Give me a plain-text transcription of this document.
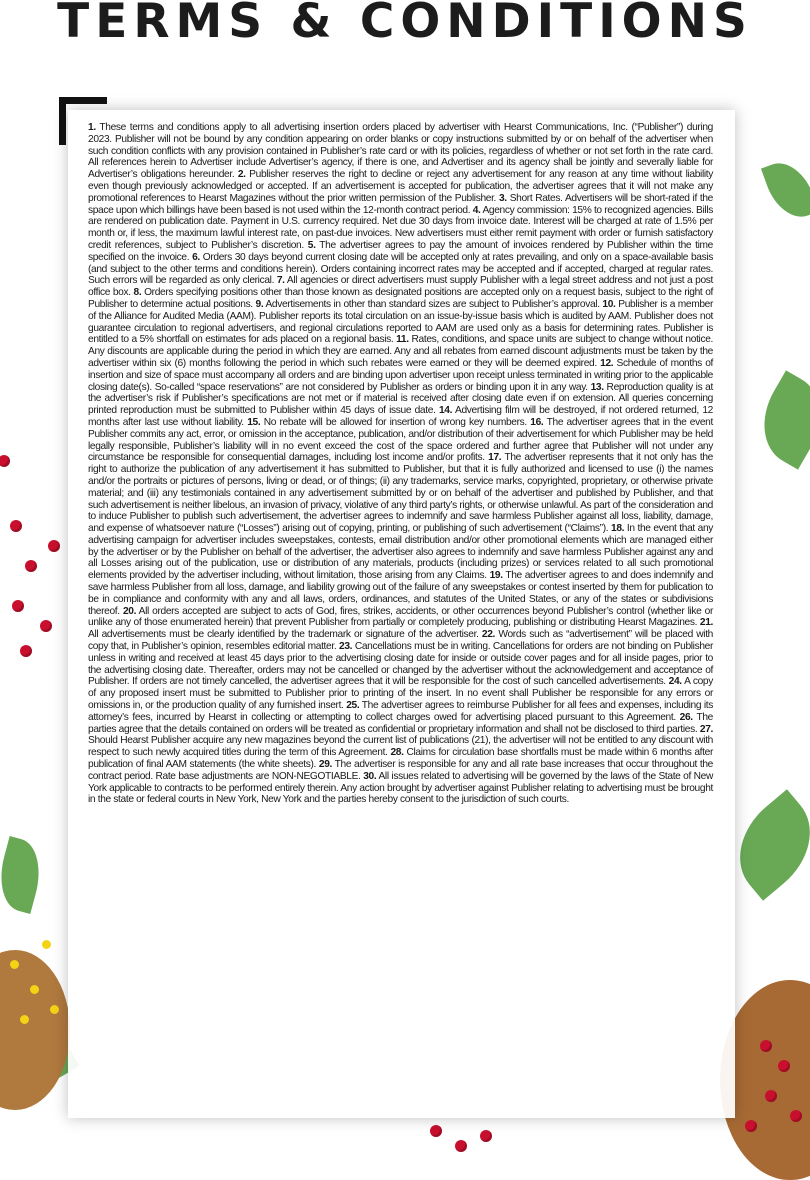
TERMS & CONDITIONS
1. These terms and conditions apply to all advertising insertion orders placed by advertiser with Hearst Communications, Inc. (“Publisher”) during 2023. Publisher will not be bound by any condition appearing on order blanks or copy instructions submitted by or on behalf of the advertiser when such condition conflicts with any provision contained in Publisher’s rate card or with its policies, regardless of whether or not set forth in the rate card. All references herein to Advertiser include Advertiser’s agency, if there is one, and Advertiser and its agency shall be jointly and severally liable for Advertiser’s obligations hereunder. 2. Publisher reserves the right to decline or reject any advertisement for any reason at any time without liability even though previously acknowledged or accepted. If an advertisement is accepted for publication, the advertiser agrees that it will not make any promotional references to Hearst Magazines without the prior written permission of the Publisher. 3. Short Rates. Advertisers will be short-rated if the space upon which billings have been based is not used within the 12-month contract period. 4. Agency commission: 15% to recognized agencies. Bills are rendered on publication date. Payment in U.S. currency required. Net due 30 days from invoice date. Interest will be charged at rate of 1.5% per month or, if less, the maximum lawful interest rate, on past-due invoices. New advertisers must either remit payment with order or furnish satisfactory credit references, subject to Publisher’s discretion. 5. The advertiser agrees to pay the amount of invoices rendered by Publisher within the time specified on the invoice. 6. Orders 30 days beyond current closing date will be accepted only at rates prevailing, and only on a space-available basis (and subject to the other terms and conditions herein). Orders containing incorrect rates may be accepted and if accepted, charged at regular rates. Such errors will be regarded as only clerical. 7. All agencies or direct advertisers must supply Publisher with a legal street address and not just a post office box. 8. Orders specifying positions other than those known as designated positions are accepted only on a request basis, subject to the right of Publisher to determine actual positions. 9. Advertisements in other than standard sizes are subject to Publisher’s approval. 10. Publisher is a member of the Alliance for Audited Media (AAM). Publisher reports its total circulation on an issue-by-issue basis which is audited by AAM. Publisher does not guarantee circulation to regional advertisers, and regional circulations reported to AAM are used only as a basis for determining rates. Publisher is entitled to a 5% shortfall on estimates for ads placed on a regional basis. 11. Rates, conditions, and space units are subject to change without notice. Any discounts are applicable during the period in which they are earned. Any and all rebates from earned discount adjustments must be taken by the advertiser within six (6) months following the period in which such rebates were earned or they will be deemed expired. 12. Schedule of months of insertion and size of space must accompany all orders and are binding upon advertiser upon receipt unless terminated in writing prior to the applicable closing date(s). So-called “space reservations” are not considered by Publisher as orders or binding upon it in any way. 13. Reproduction quality is at the advertiser’s risk if Publisher’s specifications are not met or if material is received after closing date even if on extension. All queries concerning printed reproduction must be submitted to Publisher within 45 days of issue date. 14. Advertising film will be destroyed, if not ordered returned, 12 months after last use without liability. 15. No rebate will be allowed for insertion of wrong key numbers. 16. The advertiser agrees that in the event Publisher commits any act, error, or omission in the acceptance, publication, and/or distribution of their advertisement for which Publisher may be held legally responsible, Publisher’s liability will in no event exceed the cost of the space ordered and further agree that Publisher will not under any circumstance be responsible for consequential damages, including lost income and/or profits. 17. The advertiser represents that it not only has the right to authorize the publication of any advertisement it has submitted to Publisher, but that it is fully authorized and licensed to use (i) the names and/or the portraits or pictures of persons, living or dead, or of things; (ii) any trademarks, service marks, copyrighted, proprietary, or otherwise private material; and (iii) any testimonials contained in any advertisement submitted by or on behalf of the advertiser and published by Publisher, and that such advertisement is neither libelous, an invasion of privacy, violative of any third party’s rights, or otherwise unlawful. As part of the consideration and to induce Publisher to publish such advertisement, the advertiser agrees to indemnify and save harmless Publisher against all loss, liability, damage, and expense of whatsoever nature (“Losses”) arising out of copying, printing, or publishing of such advertisement (“Claims”). 18. In the event that any advertising campaign for advertiser includes sweepstakes, contests, email distribution and/or other promotional elements which are managed either by the advertiser or by the Publisher on behalf of the advertiser, the advertiser also agrees to indemnify and save harmless Publisher against any and all Losses arising out of the publication, use or distribution of any materials, products (including prizes) or services related to all such promotional elements provided by the advertiser including, without limitation, those arising from any Claims. 19. The advertiser agrees to and does indemnify and save harmless Publisher from all loss, damage, and liability growing out of the failure of any sweepstakes or contest inserted by them for publication to be in compliance and conformity with any and all laws, orders, ordinances, and statutes of the United States, or any of the states or subdivisions thereof. 20. All orders accepted are subject to acts of God, fires, strikes, accidents, or other occurrences beyond Publisher’s control (whether like or unlike any of those enumerated herein) that prevent Publisher from partially or completely producing, publishing or distributing Hearst Magazines. 21. All advertisements must be clearly identified by the trademark or signature of the advertiser. 22. Words such as “advertisement” will be placed with copy that, in Publisher’s opinion, resembles editorial matter. 23. Cancellations must be in writing. Cancellations for orders are not binding on Publisher unless in writing and received at least 45 days prior to the advertising closing date for inside or outside cover pages and for all inside pages, prior to the advertising closing date. Thereafter, orders may not be cancelled or changed by the advertiser without the acknowledgement and acceptance of Publisher. If orders are not timely cancelled, the advertiser agrees that it will be responsible for the cost of such cancelled advertisements. 24. A copy of any proposed insert must be submitted to Publisher prior to printing of the insert. In no event shall Publisher be responsible for any errors or omissions in, or the production quality of any furnished insert. 25. The advertiser agrees to reimburse Publisher for all fees and expenses, including its attorney’s fees, incurred by Hearst in collecting or attempting to collect charges owed for advertising placed pursuant to this Agreement. 26. The parties agree that the details contained on orders will be treated as confidential or proprietary information and shall not be disclosed to third parties. 27. Should Hearst Publisher acquire any new magazines beyond the current list of publications (21), the advertiser will not be entitled to any discount with respect to such newly acquired titles during the term of this Agreement. 28. Claims for circulation base shortfalls must be made within 6 months after publication of final AAM statements (the white sheets). 29. The advertiser is responsible for any and all rate base increases that occur throughout the contract period. Rate base adjustments are NON-NEGOTIABLE. 30. All issues related to advertising will be governed by the laws of the State of New York applicable to contracts to be performed entirely therein. Any action brought by advertiser against Publisher relating to advertising must be brought in the state or federal courts in New York, New York and the parties hereby consent to the jurisdiction of such courts.
